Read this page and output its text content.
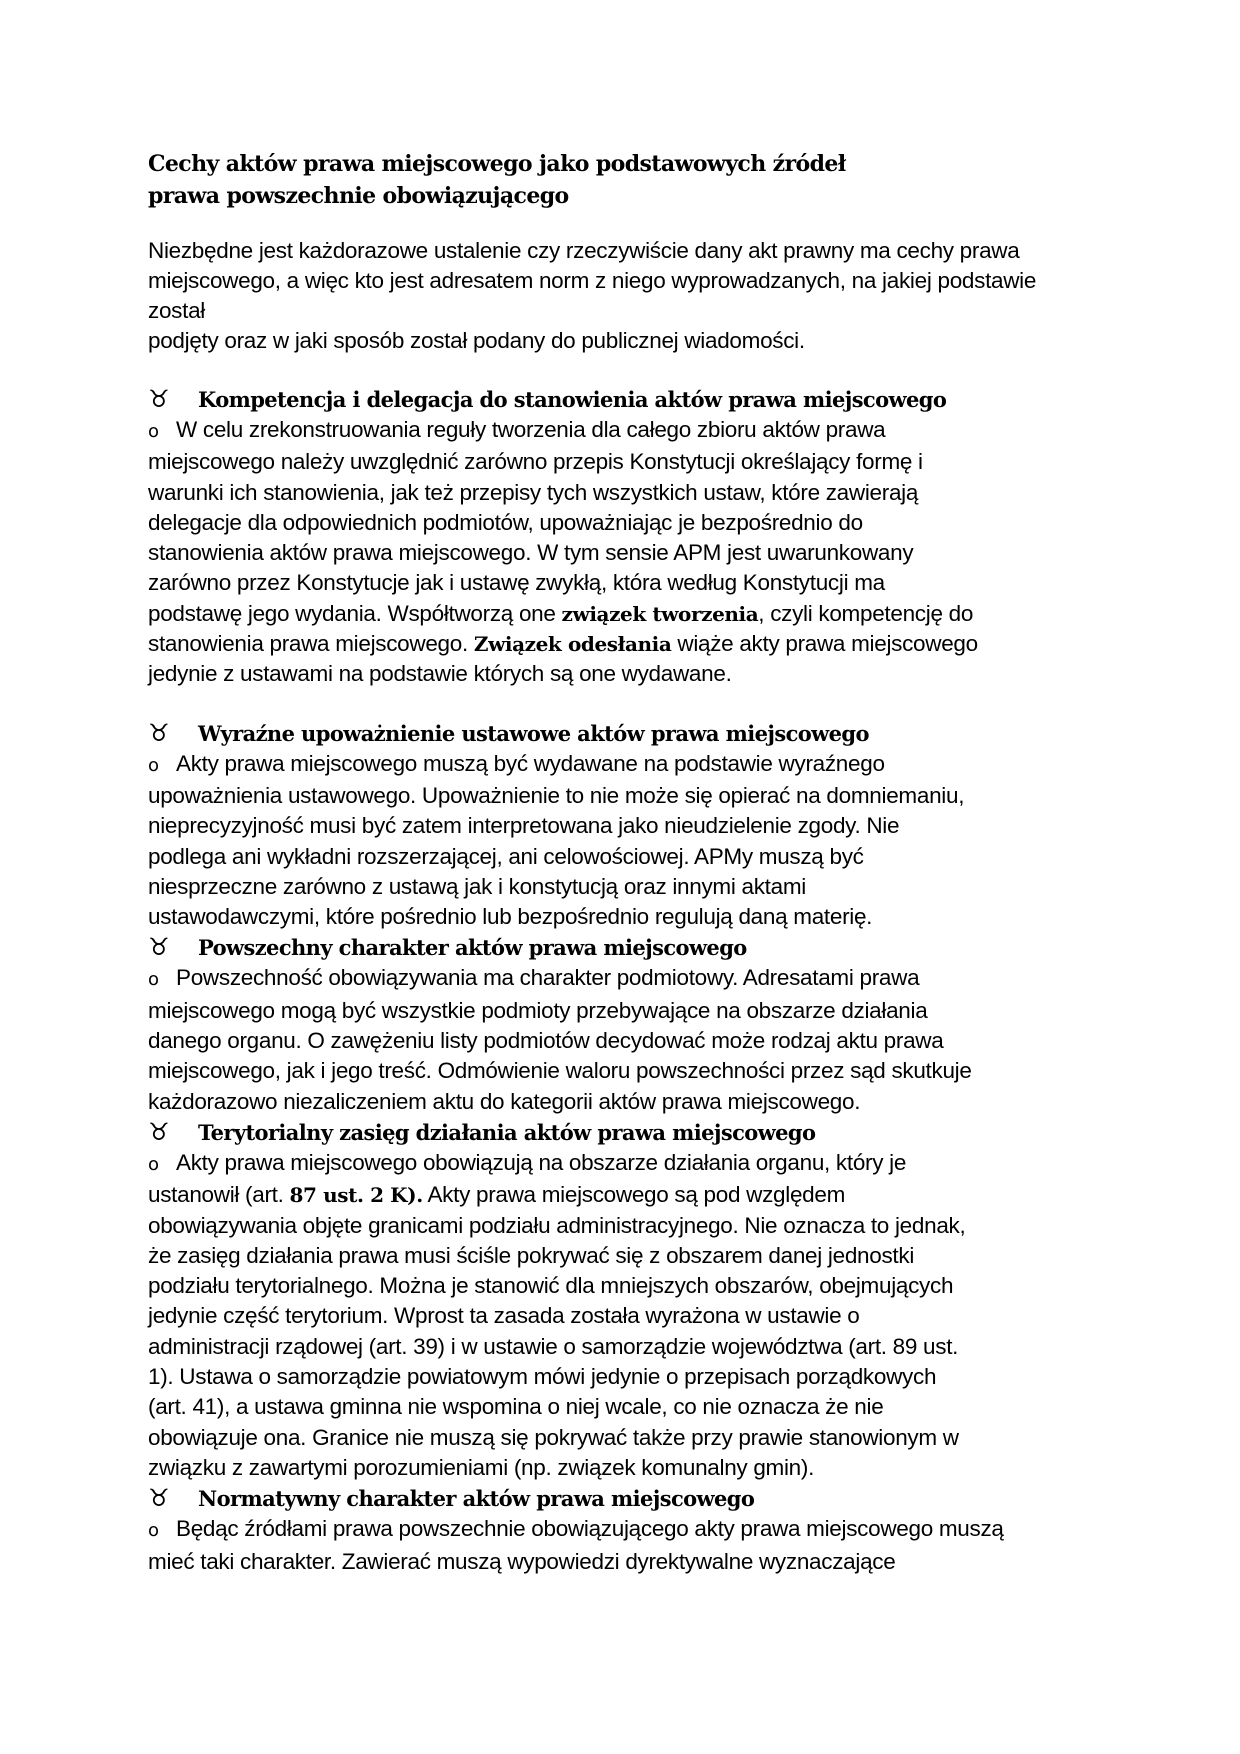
Cechy aktów prawa miejscowego jako podstawowych źródeł
prawa powszechnie obowiązującego
Niezbędne jest każdorazowe ustalenie czy rzeczywiście dany akt prawny ma cechy prawa
miejscowego, a więc kto jest adresatem norm z niego wyprowadzanych, na jakiej podstawie
został
podjęty oraz w jaki sposób został podany do publicznej wiadomości.
♉	Kompetencja i delegacja do stanowienia aktów prawa miejscowego
o W celu zrekonstruowania reguły tworzenia dla całego zbioru aktów prawa
miejscowego należy uwzględnić zarówno przepis Konstytucji określający formę i
warunki ich stanowienia, jak też przepisy tych wszystkich ustaw, które zawierają
delegacje dla odpowiednich podmiotów, upoważniając je bezpośrednio do
stanowienia aktów prawa miejscowego. W tym sensie APM jest uwarunkowany
zarówno przez Konstytucje jak i ustawę zwykłą, która według Konstytucji ma
podstawę jego wydania. Współtworzą one związek tworzenia, czyli kompetencję do
stanowienia prawa miejscowego. Związek odesłania wiąże akty prawa miejscowego
jedynie z ustawami na podstawie których są one wydawane.
♉	Wyraźne upoważnienie ustawowe aktów prawa miejscowego
o Akty prawa miejscowego muszą być wydawane na podstawie wyraźnego
upoważnienia ustawowego. Upoważnienie to nie może się opierać na domniemaniu,
nieprecyzyjność musi być zatem interpretowana jako nieudzielenie zgody. Nie
podlega ani wykładni rozszerzającej, ani celowościowej. APMy muszą być
niesprzeczne zarówno z ustawą jak i konstytucją oraz innymi aktami
ustawodawczymi, które pośrednio lub bezpośrednio regulują daną materię.
♉	Powszechny charakter aktów prawa miejscowego
o Powszechność obowiązywania ma charakter podmiotowy. Adresatami prawa
miejscowego mogą być wszystkie podmioty przebywające na obszarze działania
danego organu. O zawężeniu listy podmiotów decydować może rodzaj aktu prawa
miejscowego, jak i jego treść. Odmówienie waloru powszechności przez sąd skutkuje
każdorazowo niezaliczeniem aktu do kategorii aktów prawa miejscowego.
♉	Terytorialny zasięg działania aktów prawa miejscowego
o Akty prawa miejscowego obowiązują na obszarze działania organu, który je
ustanowił (art. 87 ust. 2 K). Akty prawa miejscowego są pod względem
obowiązywania objęte granicami podziału administracyjnego. Nie oznacza to jednak,
że zasięg działania prawa musi ściśle pokrywać się z obszarem danej jednostki
podziału terytorialnego. Można je stanowić dla mniejszych obszarów, obejmujących
jedynie część terytorium. Wprost ta zasada została wyrażona w ustawie o
administracji rządowej (art. 39) i w ustawie o samorządzie województwa (art. 89 ust.
1). Ustawa o samorządzie powiatowym mówi jedynie o przepisach porządkowych
(art. 41), a ustawa gminna nie wspomina o niej wcale, co nie oznacza że nie
obowiązuje ona. Granice nie muszą się pokrywać także przy prawie stanowionym w
związku z zawartymi porozumieniami (np. związek komunalny gmin).
♉	Normatywny charakter aktów prawa miejscowego
o Będąc źródłami prawa powszechnie obowiązującego akty prawa miejscowego muszą
mieć taki charakter. Zawierać muszą wypowiedzi dyrektywalne wyznaczające
